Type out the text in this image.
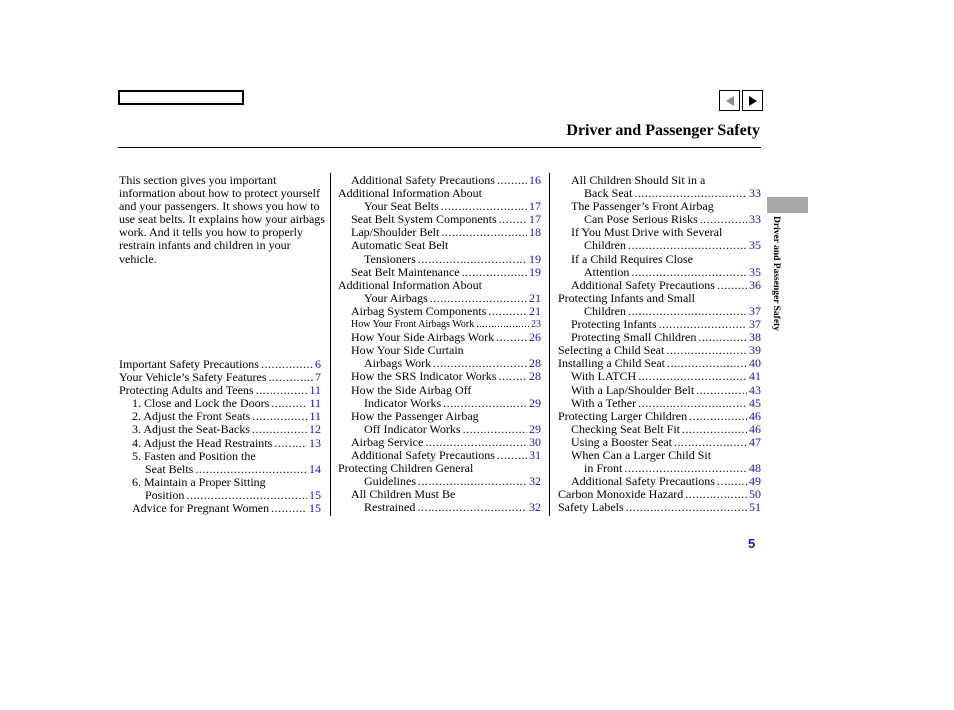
Driver and Passenger Safety
Driver and Passenger Safety
This section gives you important information about how to protect yourself and your passengers. It shows you how to use seat belts. It explains how your airbags work. And it tells you how to properly restrain infants and children in your vehicle.
Important Safety Precautions .....	6
Your Vehicle’s Safety Features .....	7
Protecting Adults and Teens .....	11
1. Close and Lock the Doors .....	11
2. Adjust the Front Seats .....	11
3. Adjust the Seat-Backs .....	12
4. Adjust the Head Restraints .....	13
5. Fasten and Position the
Seat Belts .....	14
6. Maintain a Proper Sitting
Position .....	15
Advice for Pregnant Women .....	15
Additional Safety Precautions .....	16
Additional Information About
Your Seat Belts .....	17
Seat Belt System Components .....	17
Lap/Shoulder Belt .....	18
Automatic Seat Belt
Tensioners .....	19
Seat Belt Maintenance .....	19
Additional Information About
Your Airbags .....	21
Airbag System Components .....	21
How Your Front Airbags Work .....	23
How Your Side Airbags Work .....	26
How Your Side Curtain
Airbags Work .....	28
How the SRS Indicator Works .....	28
How the Side Airbag Off
Indicator Works .....	29
How the Passenger Airbag
Off Indicator Works .....	29
Airbag Service .....	30
Additional Safety Precautions .....	31
Protecting Children General
Guidelines .....	32
All Children Must Be
Restrained .....	32
All Children Should Sit in a
Back Seat .....	33
The Passenger’s Front Airbag
Can Pose Serious Risks .....	33
If You Must Drive with Several
Children .....	35
If a Child Requires Close
Attention .....	35
Additional Safety Precautions .....	36
Protecting Infants and Small
Children .....	37
Protecting Infants .....	37
Protecting Small Children .....	38
Selecting a Child Seat .....	39
Installing a Child Seat .....	40
With LATCH .....	41
With a Lap/Shoulder Belt .....	43
With a Tether .....	45
Protecting Larger Children .....	46
Checking Seat Belt Fit .....	46
Using a Booster Seat .....	47
When Can a Larger Child Sit
in Front .....	48
Additional Safety Precautions .....	49
Carbon Monoxide Hazard .....	50
Safety Labels .....	51
5
